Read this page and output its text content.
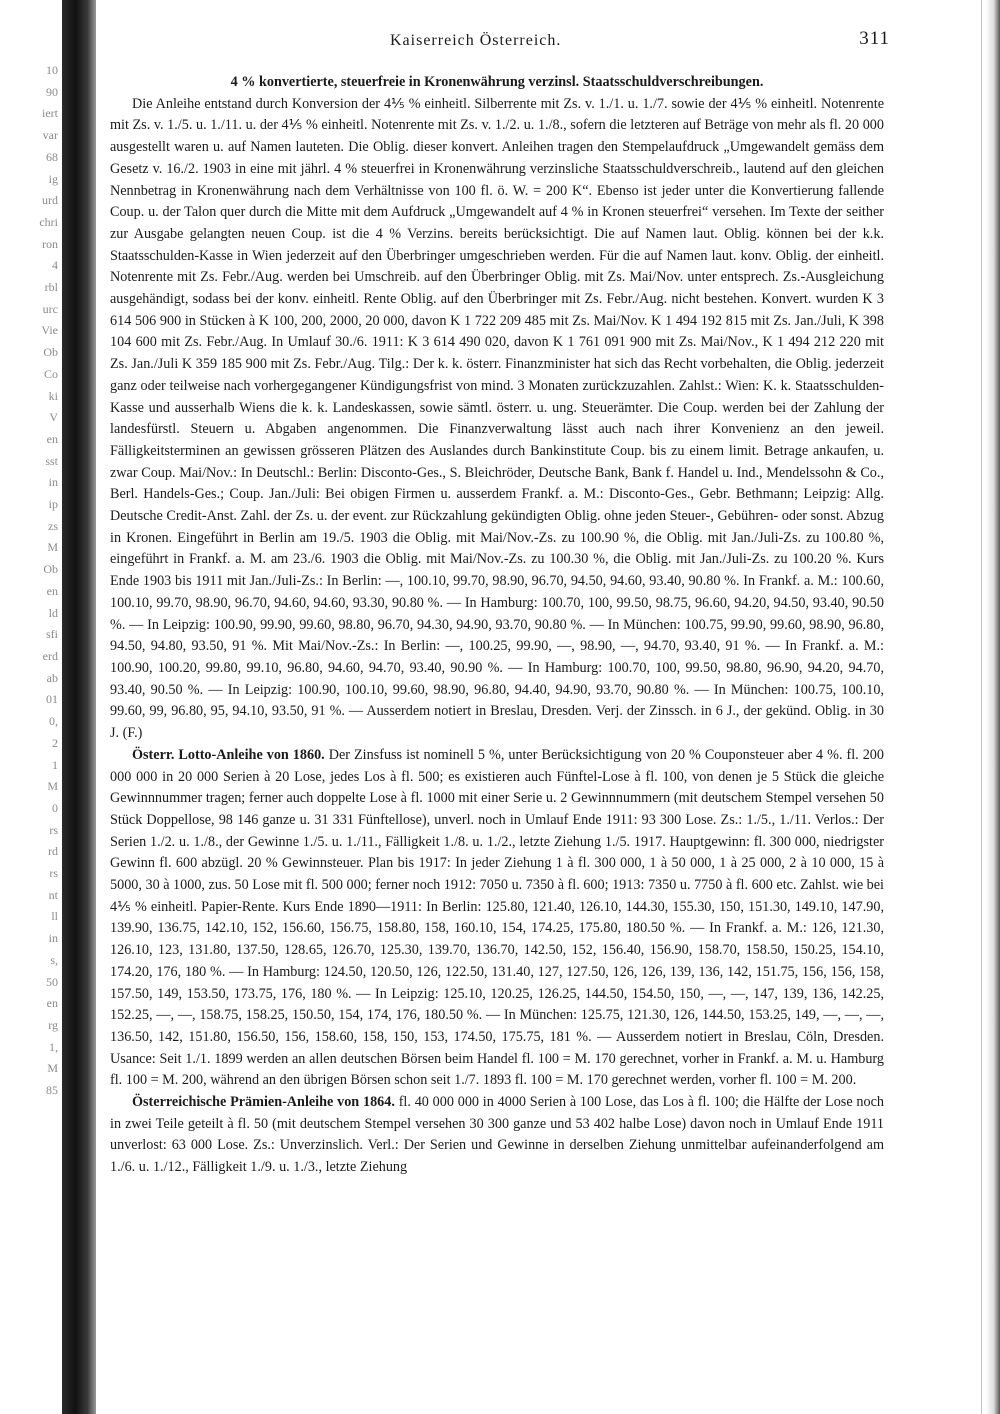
10
90
iert
var
68
ig
urd
chri
ron
4
rbl
urc
Vie
Ob
Co
ki
V
en
sst
in
ip
zs
M
Ob
en
ld
sfi
erd
ab
01
0,
2
1
M
0
rs
rd
rs
nt
ll
in
s,
50
en
rg
1,
M
85
Kaiserreich Österreich.	311

4 % konvertierte, steuerfreie in Kronenwährung verzinsl. Staatsschuldverschreibungen.

Die Anleihe entstand durch Konversion der 4⅕ % einheitl. Silberrente mit Zs. v. 1./1. u. 1./7. sowie der 4⅕ % einheitl. Notenrente mit Zs. v. 1./5. u. 1./11. u. der 4⅕ % einheitl. Notenrente mit Zs. v. 1./2. u. 1./8., sofern die letzteren auf Beträge von mehr als fl. 20 000 ausgestellt waren u. auf Namen lauteten. Die Oblig. dieser konvert. Anleihen tragen den Stempelaufdruck „Umgewandelt gemäss dem Gesetz v. 16./2. 1903 in eine mit jährl. 4 % steuerfrei in Kronenwährung verzinsliche Staatsschuldverschreib., lautend auf den gleichen Nennbetrag in Kronenwährung nach dem Verhältnisse von 100 fl. ö. W. = 200 K“. Ebenso ist jeder unter die Konvertierung fallende Coup. u. der Talon quer durch die Mitte mit dem Aufdruck „Umgewandelt auf 4 % in Kronen steuerfrei“ versehen. Im Texte der seither zur Ausgabe gelangten neuen Coup. ist die 4 % Verzins. bereits berücksichtigt. Die auf Namen laut. Oblig. können bei der k.k. Staatsschulden-Kasse in Wien jederzeit auf den Überbringer umgeschrieben werden. Für die auf Namen laut. konv. Oblig. der einheitl. Notenrente mit Zs. Febr./Aug. werden bei Umschreib. auf den Überbringer Oblig. mit Zs. Mai/Nov. unter entsprech. Zs.-Ausgleichung ausgehändigt, sodass bei der konv. einheitl. Rente Oblig. auf den Überbringer mit Zs. Febr./Aug. nicht bestehen. Konvert. wurden K 3 614 506 900 in Stücken à K 100, 200, 2000, 20 000, davon K 1 722 209 485 mit Zs. Mai/Nov. K 1 494 192 815 mit Zs. Jan./Juli, K 398 104 600 mit Zs. Febr./Aug. In Umlauf 30./6. 1911: K 3 614 490 020, davon K 1 761 091 900 mit Zs. Mai/Nov., K 1 494 212 220 mit Zs. Jan./Juli K 359 185 900 mit Zs. Febr./Aug. Tilg.: Der k. k. österr. Finanzminister hat sich das Recht vorbehalten, die Oblig. jederzeit ganz oder teilweise nach vorhergegangener Kündigungsfrist von mind. 3 Monaten zurückzuzahlen. Zahlst.: Wien: K. k. Staatsschulden-Kasse und ausserhalb Wiens die k. k. Landeskassen, sowie sämtl. österr. u. ung. Steuerämter. Die Coup. werden bei der Zahlung der landesfürstl. Steuern u. Abgaben angenommen. Die Finanzverwaltung lässt auch nach ihrer Konvenienz an den jeweil. Fälligkeitsterminen an gewissen grösseren Plätzen des Auslandes durch Bankinstitute Coup. bis zu einem limit. Betrage ankaufen, u. zwar Coup. Mai/Nov.: In Deutschl.: Berlin: Disconto-Ges., S. Bleichröder, Deutsche Bank, Bank f. Handel u. Ind., Mendelssohn & Co., Berl. Handels-Ges.; Coup. Jan./Juli: Bei obigen Firmen u. ausserdem Frankf. a. M.: Disconto-Ges., Gebr. Bethmann; Leipzig: Allg. Deutsche Credit-Anst. Zahl. der Zs. u. der event. zur Rückzahlung gekündigten Oblig. ohne jeden Steuer-, Gebühren- oder sonst. Abzug in Kronen. Eingeführt in Berlin am 19./5. 1903 die Oblig. mit Mai/Nov.-Zs. zu 100.90 %, die Oblig. mit Jan./Juli-Zs. zu 100.80 %, eingeführt in Frankf. a. M. am 23./6. 1903 die Oblig. mit Mai/Nov.-Zs. zu 100.30 %, die Oblig. mit Jan./Juli-Zs. zu 100.20 %. Kurs Ende 1903 bis 1911 mit Jan./Juli-Zs.: In Berlin: —, 100.10, 99.70, 98.90, 96.70, 94.50, 94.60, 93.40, 90.80 %. In Frankf. a. M.: 100.60, 100.10, 99.70, 98.90, 96.70, 94.60, 94.60, 93.30, 90.80 %. — In Hamburg: 100.70, 100, 99.50, 98.75, 96.60, 94.20, 94.50, 93.40, 90.50 %. — In Leipzig: 100.90, 99.90, 99.60, 98.80, 96.70, 94.30, 94.90, 93.70, 90.80 %. — In München: 100.75, 99.90, 99.60, 98.90, 96.80, 94.50, 94.80, 93.50, 91 %. Mit Mai/Nov.-Zs.: In Berlin: —, 100.25, 99.90, —, 98.90, —, 94.70, 93.40, 91 %. — In Frankf. a. M.: 100.90, 100.20, 99.80, 99.10, 96.80, 94.60, 94.70, 93.40, 90.90 %. — In Hamburg: 100.70, 100, 99.50, 98.80, 96.90, 94.20, 94.70, 93.40, 90.50 %. — In Leipzig: 100.90, 100.10, 99.60, 98.90, 96.80, 94.40, 94.90, 93.70, 90.80 %. — In München: 100.75, 100.10, 99.60, 99, 96.80, 95, 94.10, 93.50, 91 %. — Ausserdem notiert in Breslau, Dresden. Verj. der Zinssch. in 6 J., der gekünd. Oblig. in 30 J. (F.)

Österr. Lotto-Anleihe von 1860. Der Zinsfuss ist nominell 5 %, unter Berücksichtigung von 20 % Couponsteuer aber 4 %. fl. 200 000 000 in 20 000 Serien à 20 Lose, jedes Los à fl. 500; es existieren auch Fünftel-Lose à fl. 100, von denen je 5 Stück die gleiche Gewinnnummer tragen; ferner auch doppelte Lose à fl. 1000 mit einer Serie u. 2 Gewinnnummern (mit deutschem Stempel versehen 50 Stück Doppellose, 98 146 ganze u. 31 331 Fünftellose), unverl. noch in Umlauf Ende 1911: 93 300 Lose. Zs.: 1./5., 1./11. Verlos.: Der Serien 1./2. u. 1./8., der Gewinne 1./5. u. 1./11., Fälligkeit 1./8. u. 1./2., letzte Ziehung 1./5. 1917. Hauptgewinn: fl. 300 000, niedrigster Gewinn fl. 600 abzügl. 20 % Gewinnsteuer. Plan bis 1917: In jeder Ziehung 1 à fl. 300 000, 1 à 50 000, 1 à 25 000, 2 à 10 000, 15 à 5000, 30 à 1000, zus. 50 Lose mit fl. 500 000; ferner noch 1912: 7050 u. 7350 à fl. 600; 1913: 7350 u. 7750 à fl. 600 etc. Zahlst. wie bei 4⅕ % einheitl. Papier-Rente. Kurs Ende 1890—1911: In Berlin: 125.80, 121.40, 126.10, 144.30, 155.30, 150, 151.30, 149.10, 147.90, 139.90, 136.75, 142.10, 152, 156.60, 156.75, 158.80, 158, 160.10, 154, 174.25, 175.80, 180.50 %. — In Frankf. a. M.: 126, 121.30, 126.10, 123, 131.80, 137.50, 128.65, 126.70, 125.30, 139.70, 136.70, 142.50, 152, 156.40, 156.90, 158.70, 158.50, 150.25, 154.10, 174.20, 176, 180 %. — In Hamburg: 124.50, 120.50, 126, 122.50, 131.40, 127, 127.50, 126, 126, 139, 136, 142, 151.75, 156, 156, 158, 157.50, 149, 153.50, 173.75, 176, 180 %. — In Leipzig: 125.10, 120.25, 126.25, 144.50, 154.50, 150, —, —, 147, 139, 136, 142.25, 152.25, —, —, 158.75, 158.25, 150.50, 154, 174, 176, 180.50 %. — In München: 125.75, 121.30, 126, 144.50, 153.25, 149, —, —, —, 136.50, 142, 151.80, 156.50, 156, 158.60, 158, 150, 153, 174.50, 175.75, 181 %. — Ausserdem notiert in Breslau, Cöln, Dresden. Usance: Seit 1./1. 1899 werden an allen deutschen Börsen beim Handel fl. 100 = M. 170 gerechnet, vorher in Frankf. a. M. u. Hamburg fl. 100 = M. 200, während an den übrigen Börsen schon seit 1./7. 1893 fl. 100 = M. 170 gerechnet werden, vorher fl. 100 = M. 200.

Österreichische Prämien-Anleihe von 1864. fl. 40 000 000 in 4000 Serien à 100 Lose, das Los à fl. 100; die Hälfte der Lose noch in zwei Teile geteilt à fl. 50 (mit deutschem Stempel versehen 30 300 ganze und 53 402 halbe Lose) davon noch in Umlauf Ende 1911 unverlost: 63 000 Lose. Zs.: Unverzinslich. Verl.: Der Serien und Gewinne in derselben Ziehung unmittelbar aufeinanderfolgend am 1./6. u. 1./12., Fälligkeit 1./9. u. 1./3., letzte Ziehung
